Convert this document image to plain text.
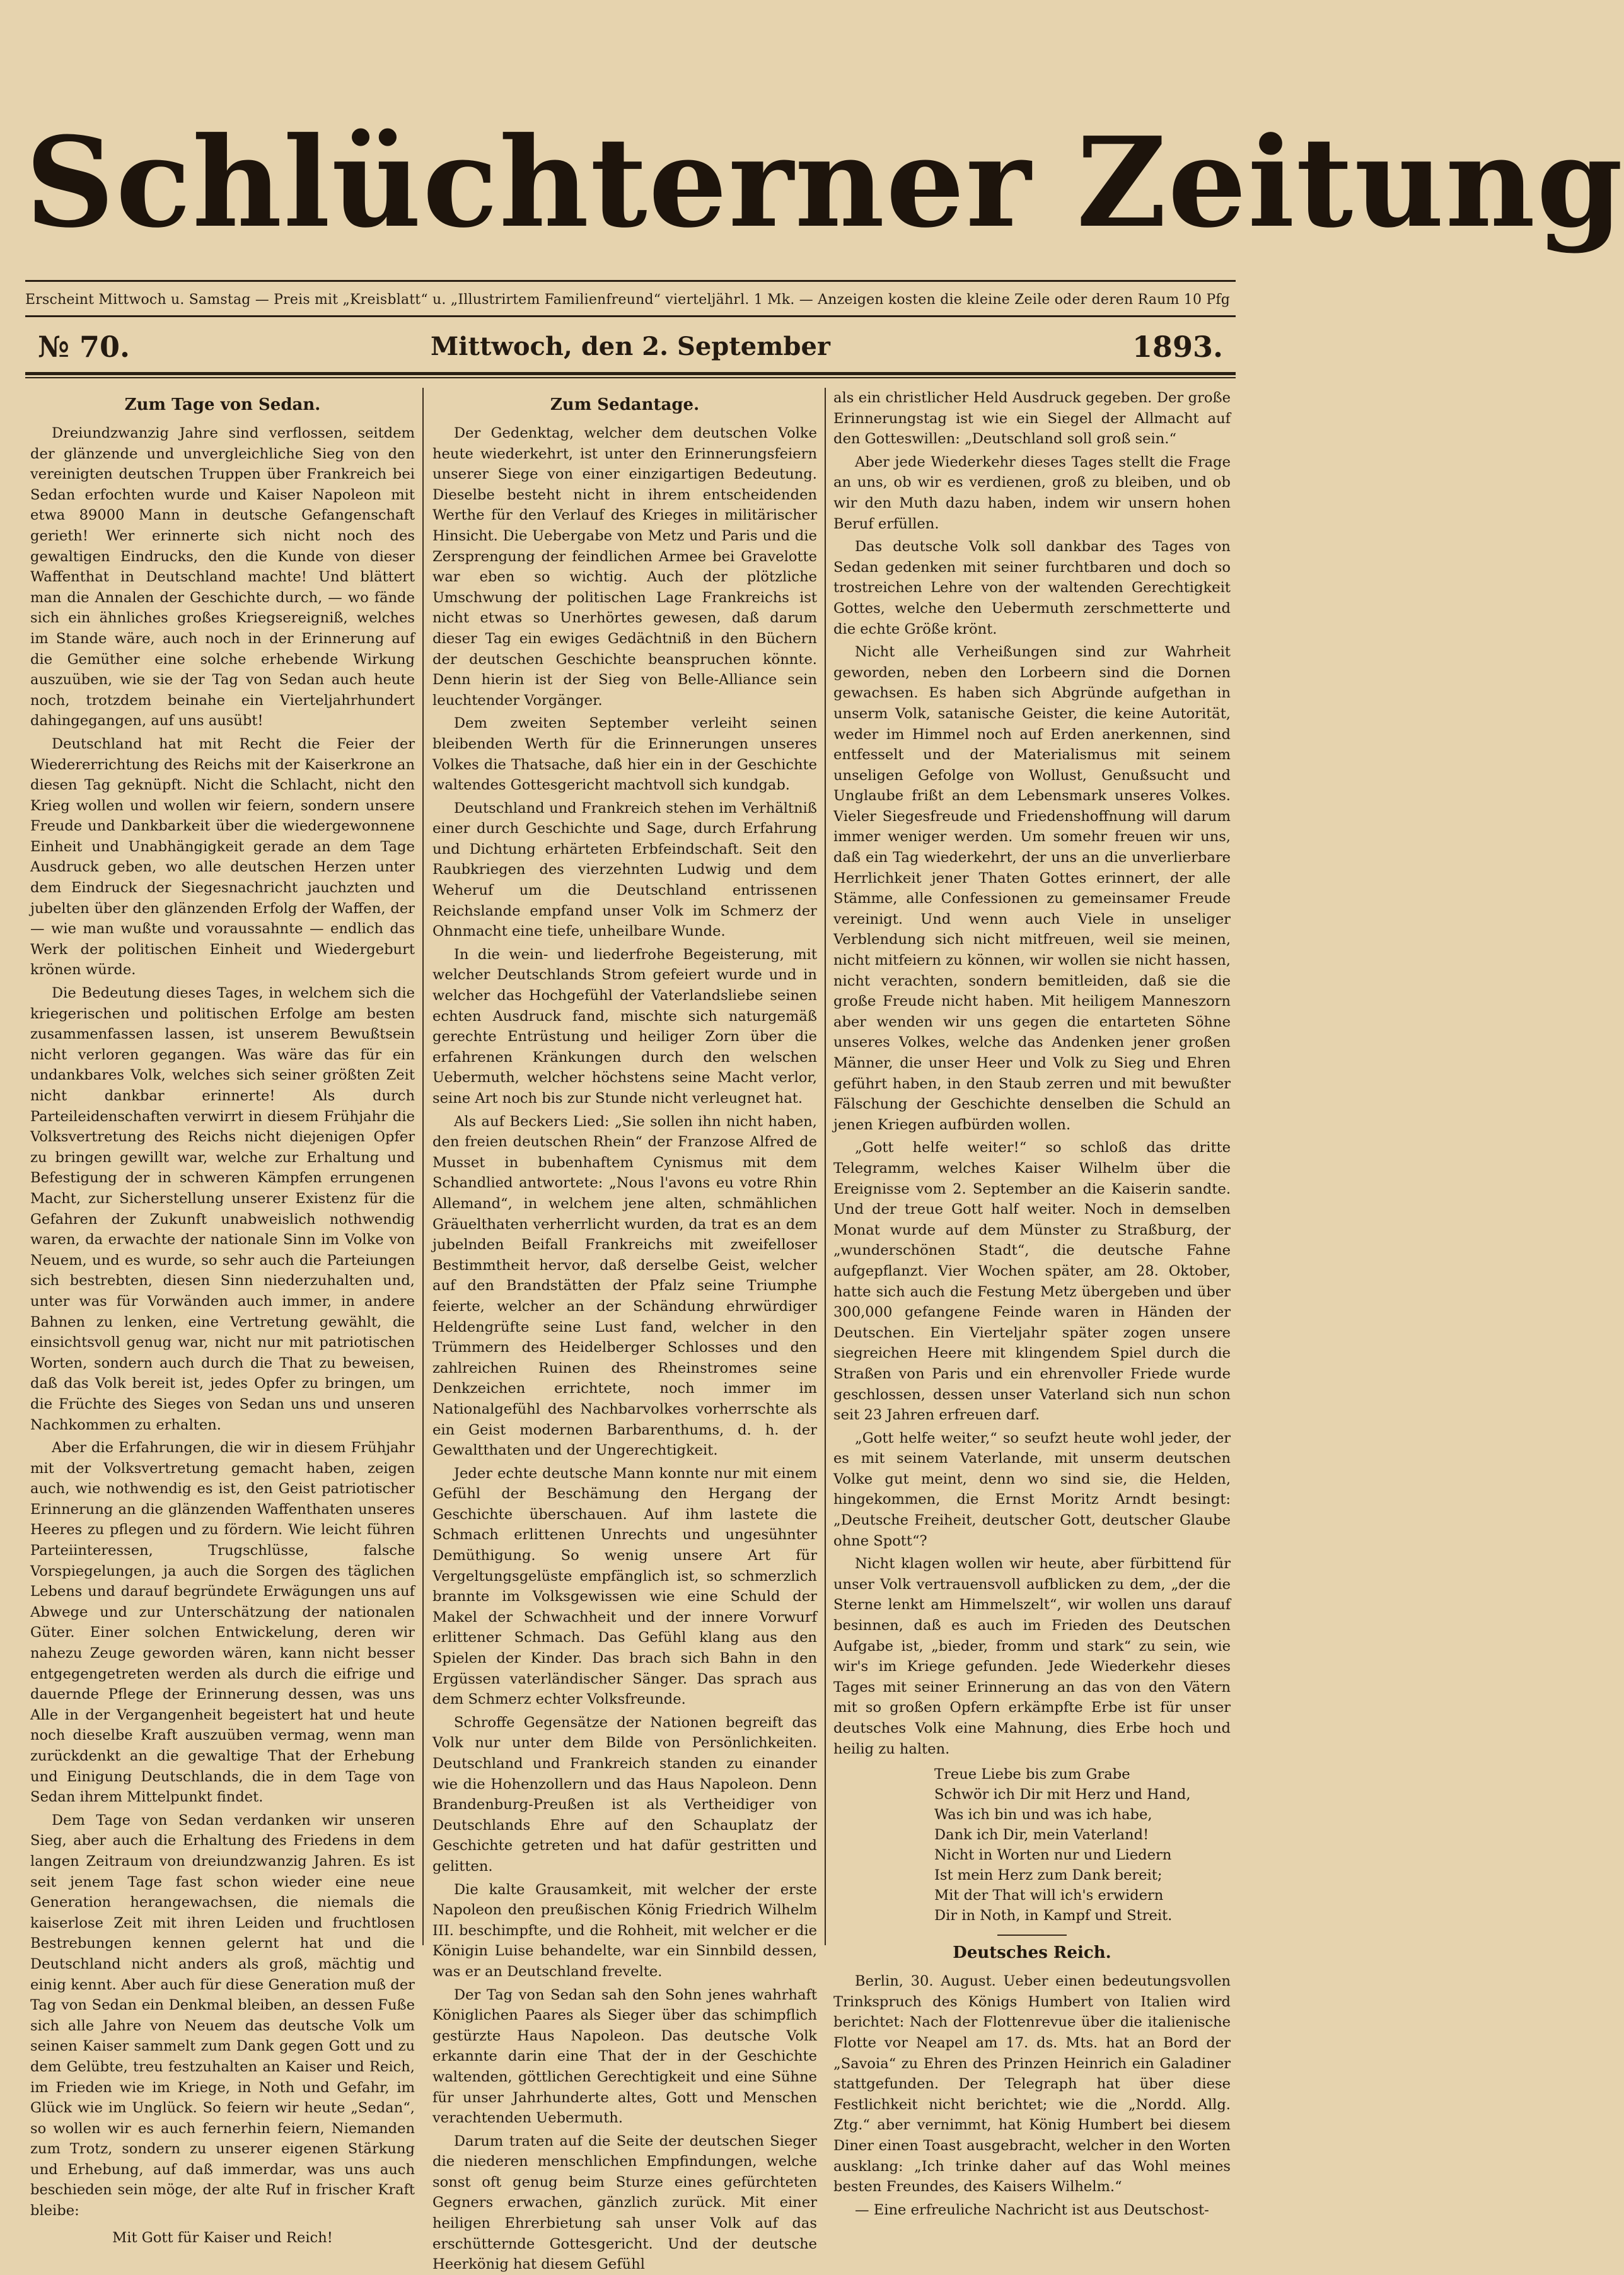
Schlüchterner Zeitung
Erscheint Mittwoch u. Samstag — Preis mit „Kreisblatt“ u. „Illustrirtem Familienfreund“ vierteljährl. 1 Mk. — Anzeigen kosten die kleine Zeile oder deren Raum 10 Pfg
№ 70.	Mittwoch, den 2. September	1893.
Zum Tage von Sedan.

Dreiundzwanzig Jahre sind verflossen, seitdem der glänzende und unvergleichliche Sieg von den vereinigten deutschen Truppen über Frankreich bei Sedan erfochten wurde und Kaiser Napoleon mit etwa 89000 Mann in deutsche Gefangenschaft gerieth! Wer erinnerte sich nicht noch des gewaltigen Eindrucks, den die Kunde von dieser Waffenthat in Deutschland machte! Und blättert man die Annalen der Geschichte durch, — wo fände sich ein ähnliches großes Kriegsereigniß, welches im Stande wäre, auch noch in der Erinnerung auf die Gemüther eine solche erhebende Wirkung auszuüben, wie sie der Tag von Sedan auch heute noch, trotzdem beinahe ein Vierteljahrhundert dahingegangen, auf uns ausübt!

Deutschland hat mit Recht die Feier der Wiedererrichtung des Reichs mit der Kaiserkrone an diesen Tag geknüpft. Nicht die Schlacht, nicht den Krieg wollen und wollen wir feiern, sondern unsere Freude und Dankbarkeit über die wiedergewonnene Einheit und Unabhängigkeit gerade an dem Tage Ausdruck geben, wo alle deutschen Herzen unter dem Eindruck der Siegesnachricht jauchzten und jubelten über den glänzenden Erfolg der Waffen, der — wie man wußte und voraussahnte — endlich das Werk der politischen Einheit und Wiedergeburt krönen würde.

Die Bedeutung dieses Tages, in welchem sich die kriegerischen und politischen Erfolge am besten zusammenfassen lassen, ist unserem Bewußtsein nicht verloren gegangen. Was wäre das für ein undankbares Volk, welches sich seiner größten Zeit nicht dankbar erinnerte! Als durch Parteileidenschaften verwirrt in diesem Frühjahr die Volksvertretung des Reichs nicht diejenigen Opfer zu bringen gewillt war, welche zur Erhaltung und Befestigung der in schweren Kämpfen errungenen Macht, zur Sicherstellung unserer Existenz für die Gefahren der Zukunft unabweislich nothwendig waren, da erwachte der nationale Sinn im Volke von Neuem, und es wurde, so sehr auch die Parteiungen sich bestrebten, diesen Sinn niederzuhalten und, unter was für Vorwänden auch immer, in andere Bahnen zu lenken, eine Vertretung gewählt, die einsichtsvoll genug war, nicht nur mit patriotischen Worten, sondern auch durch die That zu beweisen, daß das Volk bereit ist, jedes Opfer zu bringen, um die Früchte des Sieges von Sedan uns und unseren Nachkommen zu erhalten.

Aber die Erfahrungen, die wir in diesem Frühjahr mit der Volksvertretung gemacht haben, zeigen auch, wie nothwendig es ist, den Geist patriotischer Erinnerung an die glänzenden Waffenthaten unseres Heeres zu pflegen und zu fördern. Wie leicht führen Parteiinteressen, Trugschlüsse, falsche Vorspiegelungen, ja auch die Sorgen des täglichen Lebens und darauf begründete Erwägungen uns auf Abwege und zur Unterschätzung der nationalen Güter. Einer solchen Entwickelung, deren wir nahezu Zeuge geworden wären, kann nicht besser entgegengetreten werden als durch die eifrige und dauernde Pflege der Erinnerung dessen, was uns Alle in der Vergangenheit begeistert hat und heute noch dieselbe Kraft auszuüben vermag, wenn man zurückdenkt an die gewaltige That der Erhebung und Einigung Deutschlands, die in dem Tage von Sedan ihrem Mittelpunkt findet.

Dem Tage von Sedan verdanken wir unseren Sieg, aber auch die Erhaltung des Friedens in dem langen Zeitraum von dreiundzwanzig Jahren. Es ist seit jenem Tage fast schon wieder eine neue Generation herangewachsen, die niemals die kaiserlose Zeit mit ihren Leiden und fruchtlosen Bestrebungen kennen gelernt hat und die Deutschland nicht anders als groß, mächtig und einig kennt. Aber auch für diese Generation muß der Tag von Sedan ein Denkmal bleiben, an dessen Fuße sich alle Jahre von Neuem das deutsche Volk um seinen Kaiser sammelt zum Dank gegen Gott und zu dem Gelübte, treu festzuhalten an Kaiser und Reich, im Frieden wie im Kriege, in Noth und Gefahr, im Glück wie im Unglück. So feiern wir heute „Sedan“, so wollen wir es auch fernerhin feiern, Niemanden zum Trotz, sondern zu unserer eigenen Stärkung und Erhebung, auf daß immerdar, was uns auch beschieden sein möge, der alte Ruf in frischer Kraft bleibe:

Mit Gott für Kaiser und Reich!

Zum Sedantage.

Der Gedenktag, welcher dem deutschen Volke heute wiederkehrt, ist unter den Erinnerungsfeiern unserer Siege von einer einzigartigen Bedeutung. Dieselbe besteht nicht in ihrem entscheidenden Werthe für den Verlauf des Krieges in militärischer Hinsicht. Die Uebergabe von Metz und Paris und die Zersprengung der feindlichen Armee bei Gravelotte war eben so wichtig. Auch der plötzliche Umschwung der politischen Lage Frankreichs ist nicht etwas so Unerhörtes gewesen, daß darum dieser Tag ein ewiges Gedächtniß in den Büchern der deutschen Geschichte beanspruchen könnte. Denn hierin ist der Sieg von Belle-Alliance sein leuchtender Vorgänger.

Dem zweiten September verleiht seinen bleibenden Werth für die Erinnerungen unseres Volkes die Thatsache, daß hier ein in der Geschichte waltendes Gottesgericht machtvoll sich kundgab.

Deutschland und Frankreich stehen im Verhältniß einer durch Geschichte und Sage, durch Erfahrung und Dichtung erhärteten Erbfeindschaft. Seit den Raubkriegen des vierzehnten Ludwig und dem Weheruf um die Deutschland entrissenen Reichslande empfand unser Volk im Schmerz der Ohnmacht eine tiefe, unheilbare Wunde.

In die wein- und liederfrohe Begeisterung, mit welcher Deutschlands Strom gefeiert wurde und in welcher das Hochgefühl der Vaterlandsliebe seinen echten Ausdruck fand, mischte sich naturgemäß gerechte Entrüstung und heiliger Zorn über die erfahrenen Kränkungen durch den welschen Uebermuth, welcher höchstens seine Macht verlor, seine Art noch bis zur Stunde nicht verleugnet hat.

Als auf Beckers Lied: „Sie sollen ihn nicht haben, den freien deutschen Rhein“ der Franzose Alfred de Musset in bubenhaftem Cynismus mit dem Schandlied antwortete: „Nous l'avons eu votre Rhin Allemand“, in welchem jene alten, schmählichen Gräuelthaten verherrlicht wurden, da trat es an dem jubelnden Beifall Frankreichs mit zweifelloser Bestimmtheit hervor, daß derselbe Geist, welcher auf den Brandstätten der Pfalz seine Triumphe feierte, welcher an der Schändung ehrwürdiger Heldengrüfte seine Lust fand, welcher in den Trümmern des Heidelberger Schlosses und den zahlreichen Ruinen des Rheinstromes seine Denkzeichen errichtete, noch immer im Nationalgefühl des Nachbarvolkes vorherrschte als ein Geist modernen Barbarenthums, d. h. der Gewaltthaten und der Ungerechtigkeit.

Jeder echte deutsche Mann konnte nur mit einem Gefühl der Beschämung den Hergang der Geschichte überschauen. Auf ihm lastete die Schmach erlittenen Unrechts und ungesühnter Demüthigung. So wenig unsere Art für Vergeltungsgelüste empfänglich ist, so schmerzlich brannte im Volksgewissen wie eine Schuld der Makel der Schwachheit und der innere Vorwurf erlittener Schmach. Das Gefühl klang aus den Spielen der Kinder. Das brach sich Bahn in den Ergüssen vaterländischer Sänger. Das sprach aus dem Schmerz echter Volksfreunde.

Schroffe Gegensätze der Nationen begreift das Volk nur unter dem Bilde von Persönlichkeiten. Deutschland und Frankreich standen zu einander wie die Hohenzollern und das Haus Napoleon. Denn Brandenburg-Preußen ist als Vertheidiger von Deutschlands Ehre auf den Schauplatz der Geschichte getreten und hat dafür gestritten und gelitten.

Die kalte Grausamkeit, mit welcher der erste Napoleon den preußischen König Friedrich Wilhelm III. beschimpfte, und die Rohheit, mit welcher er die Königin Luise behandelte, war ein Sinnbild dessen, was er an Deutschland frevelte.

Der Tag von Sedan sah den Sohn jenes wahrhaft Königlichen Paares als Sieger über das schimpflich gestürzte Haus Napoleon. Das deutsche Volk erkannte darin eine That der in der Geschichte waltenden, göttlichen Gerechtigkeit und eine Sühne für unser Jahrhunderte altes, Gott und Menschen verachtenden Uebermuth.

Darum traten auf die Seite der deutschen Sieger die niederen menschlichen Empfindungen, welche sonst oft genug beim Sturze eines gefürchteten Gegners erwachen, gänzlich zurück. Mit einer heiligen Ehrerbietung sah unser Volk auf das erschütternde Gottesgericht. Und der deutsche Heerkönig hat diesem Gefühl

als ein christlicher Held Ausdruck gegeben. Der große Erinnerungstag ist wie ein Siegel der Allmacht auf den Gotteswillen: „Deutschland soll groß sein.“

Aber jede Wiederkehr dieses Tages stellt die Frage an uns, ob wir es verdienen, groß zu bleiben, und ob wir den Muth dazu haben, indem wir unsern hohen Beruf erfüllen.

Das deutsche Volk soll dankbar des Tages von Sedan gedenken mit seiner furchtbaren und doch so trostreichen Lehre von der waltenden Gerechtigkeit Gottes, welche den Uebermuth zerschmetterte und die echte Größe krönt.

Nicht alle Verheißungen sind zur Wahrheit geworden, neben den Lorbeern sind die Dornen gewachsen. Es haben sich Abgründe aufgethan in unserm Volk, satanische Geister, die keine Autorität, weder im Himmel noch auf Erden anerkennen, sind entfesselt und der Materialismus mit seinem unseligen Gefolge von Wollust, Genußsucht und Unglaube frißt an dem Lebensmark unseres Volkes. Vieler Siegesfreude und Friedenshoffnung will darum immer weniger werden. Um somehr freuen wir uns, daß ein Tag wiederkehrt, der uns an die unverlierbare Herrlichkeit jener Thaten Gottes erinnert, der alle Stämme, alle Confessionen zu gemeinsamer Freude vereinigt. Und wenn auch Viele in unseliger Verblendung sich nicht mitfreuen, weil sie meinen, nicht mitfeiern zu können, wir wollen sie nicht hassen, nicht verachten, sondern bemitleiden, daß sie die große Freude nicht haben. Mit heiligem Manneszorn aber wenden wir uns gegen die entarteten Söhne unseres Volkes, welche das Andenken jener großen Männer, die unser Heer und Volk zu Sieg und Ehren geführt haben, in den Staub zerren und mit bewußter Fälschung der Geschichte denselben die Schuld an jenen Kriegen aufbürden wollen.

„Gott helfe weiter!“ so schloß das dritte Telegramm, welches Kaiser Wilhelm über die Ereignisse vom 2. September an die Kaiserin sandte. Und der treue Gott half weiter. Noch in demselben Monat wurde auf dem Münster zu Straßburg, der „wunderschönen Stadt“, die deutsche Fahne aufgepflanzt. Vier Wochen später, am 28. Oktober, hatte sich auch die Festung Metz übergeben und über 300,000 gefangene Feinde waren in Händen der Deutschen. Ein Vierteljahr später zogen unsere siegreichen Heere mit klingendem Spiel durch die Straßen von Paris und ein ehrenvoller Friede wurde geschlossen, dessen unser Vaterland sich nun schon seit 23 Jahren erfreuen darf.

„Gott helfe weiter,“ so seufzt heute wohl jeder, der es mit seinem Vaterlande, mit unserm deutschen Volke gut meint, denn wo sind sie, die Helden, hingekommen, die Ernst Moritz Arndt besingt: „Deutsche Freiheit, deutscher Gott, deutscher Glaube ohne Spott“?

Nicht klagen wollen wir heute, aber fürbittend für unser Volk vertrauensvoll aufblicken zu dem, „der die Sterne lenkt am Himmelszelt“, wir wollen uns darauf besinnen, daß es auch im Frieden des Deutschen Aufgabe ist, „bieder, fromm und stark“ zu sein, wie wir's im Kriege gefunden. Jede Wiederkehr dieses Tages mit seiner Erinnerung an das von den Vätern mit so großen Opfern erkämpfte Erbe ist für unser deutsches Volk eine Mahnung, dies Erbe hoch und heilig zu halten.

Treue Liebe bis zum Grabe
Schwör ich Dir mit Herz und Hand,
Was ich bin und was ich habe,
Dank ich Dir, mein Vaterland!
Nicht in Worten nur und Liedern
Ist mein Herz zum Dank bereit;
Mit der That will ich's erwidern
Dir in Noth, in Kampf und Streit.
Deutsches Reich.

Berlin, 30. August. Ueber einen bedeutungsvollen Trinkspruch des Königs Humbert von Italien wird berichtet: Nach der Flottenrevue über die italienische Flotte vor Neapel am 17. ds. Mts. hat an Bord der „Savoia“ zu Ehren des Prinzen Heinrich ein Galadiner stattgefunden. Der Telegraph hat über diese Festlichkeit nicht berichtet; wie die „Nordd. Allg. Ztg.“ aber vernimmt, hat König Humbert bei diesem Diner einen Toast ausgebracht, welcher in den Worten ausklang: „Ich trinke daher auf das Wohl meines besten Freundes, des Kaisers Wilhelm.“

— Eine erfreuliche Nachricht ist aus Deutschost-
